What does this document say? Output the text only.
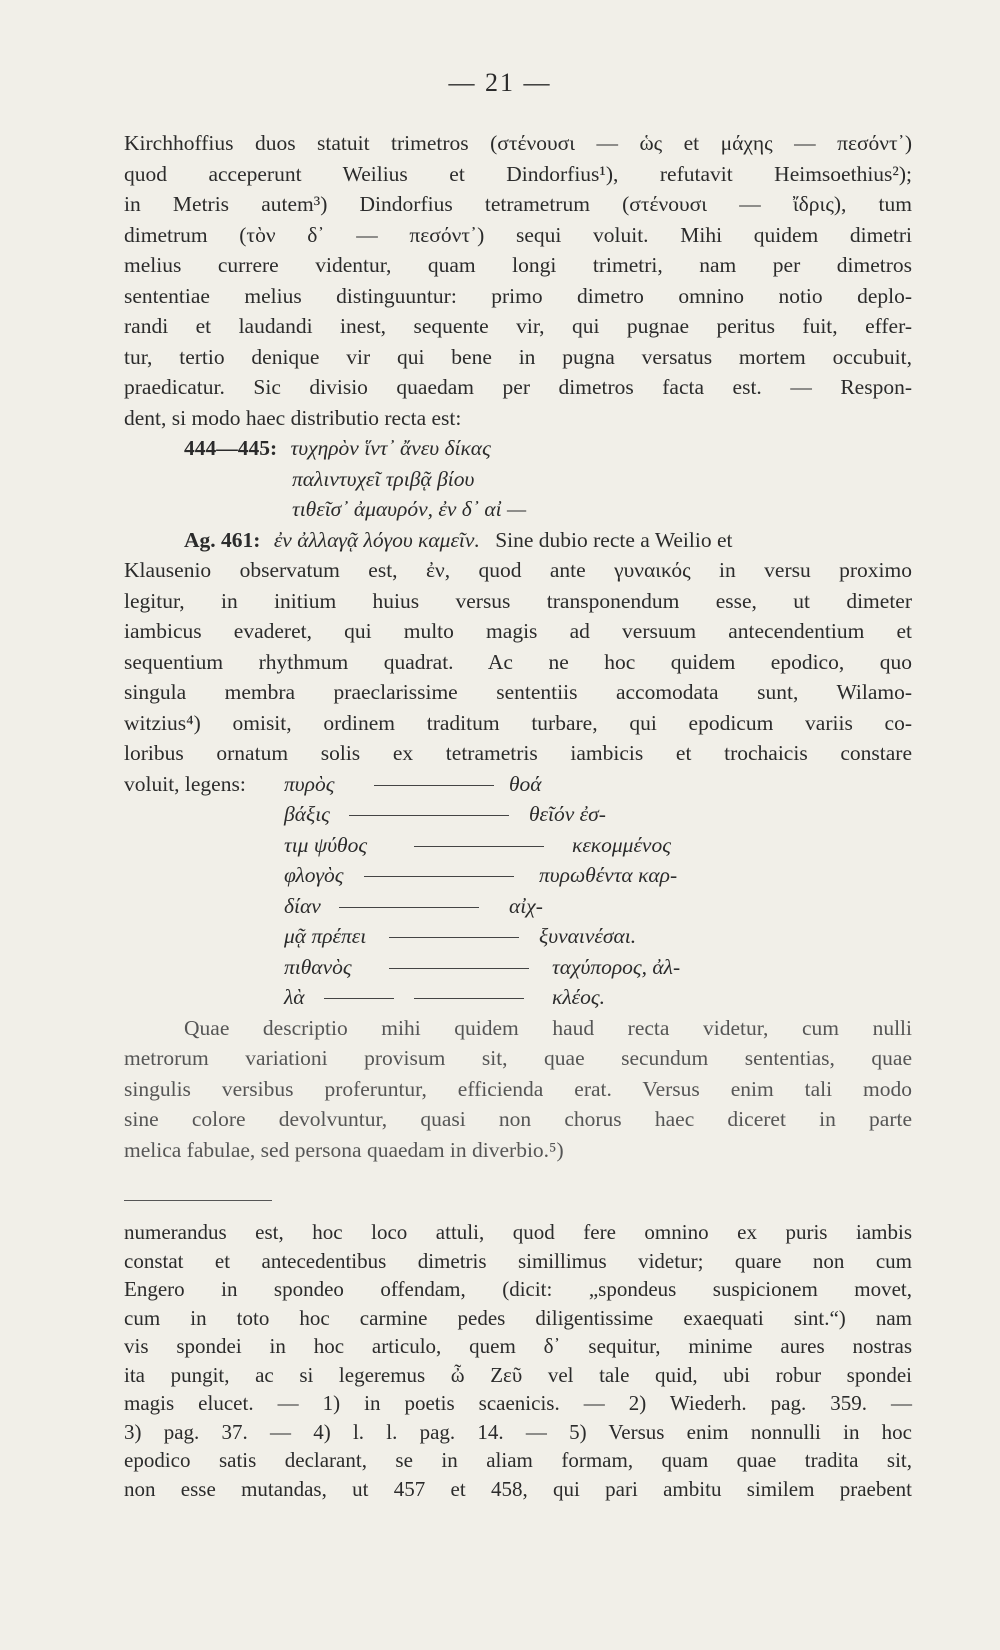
— 21 —
Kirchhoffius duos statuit trimetros (στένουσι — ὡς et μάχης — πεσόντ᾽)
quod acceperunt Weilius et Dindorfius¹), refutavit Heimsoethius²);
in Metris autem³) Dindorfius tetrametrum (στένουσι — ἴδρις), tum
dimetrum (τὸν δ᾽ — πεσόντ᾽) sequi voluit. Mihi quidem dimetri
melius currere videntur, quam longi trimetri, nam per dimetros
sententiae melius distinguuntur: primo dimetro omnino notio deplo-
randi et laudandi inest, sequente vir, qui pugnae peritus fuit, effer-
tur, tertio denique vir qui bene in pugna versatus mortem occubuit,
praedicatur. Sic divisio quaedam per dimetros facta est. — Respon-
dent, si modo haec distributio recta est:
444—445: τυχηρὸν ἵντ᾽ ἄνευ δίκας
παλιντυχεῖ τριβᾷ βίου
τιθεῖσ᾽ ἀμαυρόν, ἐν δ᾽ αἰ —
Ag. 461: ἐν ἀλλαγᾷ λόγου καμεῖν. Sine dubio recte a Weilio et
Klausenio observatum est, ἐν, quod ante γυναικός in versu proximo
legitur, in initium huius versus transponendum esse, ut dimeter
iambicus evaderet, qui multo magis ad versuum antecendentium et
sequentium rhythmum quadrat. Ac ne hoc quidem epodico, quo
singula membra praeclarissime sententiis accomodata sunt, Wilamo-
witzius⁴) omisit, ordinem traditum turbare, qui epodicum variis co-
loribus ornatum solis ex tetrametris iambicis et trochaicis constare
voluit, legens: πυρὸς	θοά
βάξις	θεῖόν ἐσ-
τιμ ψύθος	κεκομμένος
φλογὸς	πυρωθέντα καρ-
δίαν	αἰχ-
μᾷ πρέπει	ξυναινέσαι.
πιθανὸς	ταχύπορος, ἀλ-
λὰ	κλέος.
Quae descriptio mihi quidem haud recta videtur, cum nulli
metrorum variationi provisum sit, quae secundum sententias, quae
singulis versibus proferuntur, efficienda erat. Versus enim tali modo
sine colore devolvuntur, quasi non chorus haec diceret in parte
melica fabulae, sed persona quaedam in diverbio.⁵)
numerandus est, hoc loco attuli, quod fere omnino ex puris iambis
constat et antecedentibus dimetris simillimus videtur; quare non cum
Engero in spondeo offendam, (dicit: „spondeus suspicionem movet,
cum in toto hoc carmine pedes diligentissime exaequati sint.“) nam
vis spondei in hoc articulo, quem δ᾽ sequitur, minime aures nostras
ita pungit, ac si legeremus ὦ Ζεῦ vel tale quid, ubi robur spondei
magis elucet. — 1) in poetis scaenicis. — 2) Wiederh. pag. 359. —
3) pag. 37. — 4) l. l. pag. 14. — 5) Versus enim nonnulli in hoc
epodico satis declarant, se in aliam formam, quam quae tradita sit,
non esse mutandas, ut 457 et 458, qui pari ambitu similem praebent
